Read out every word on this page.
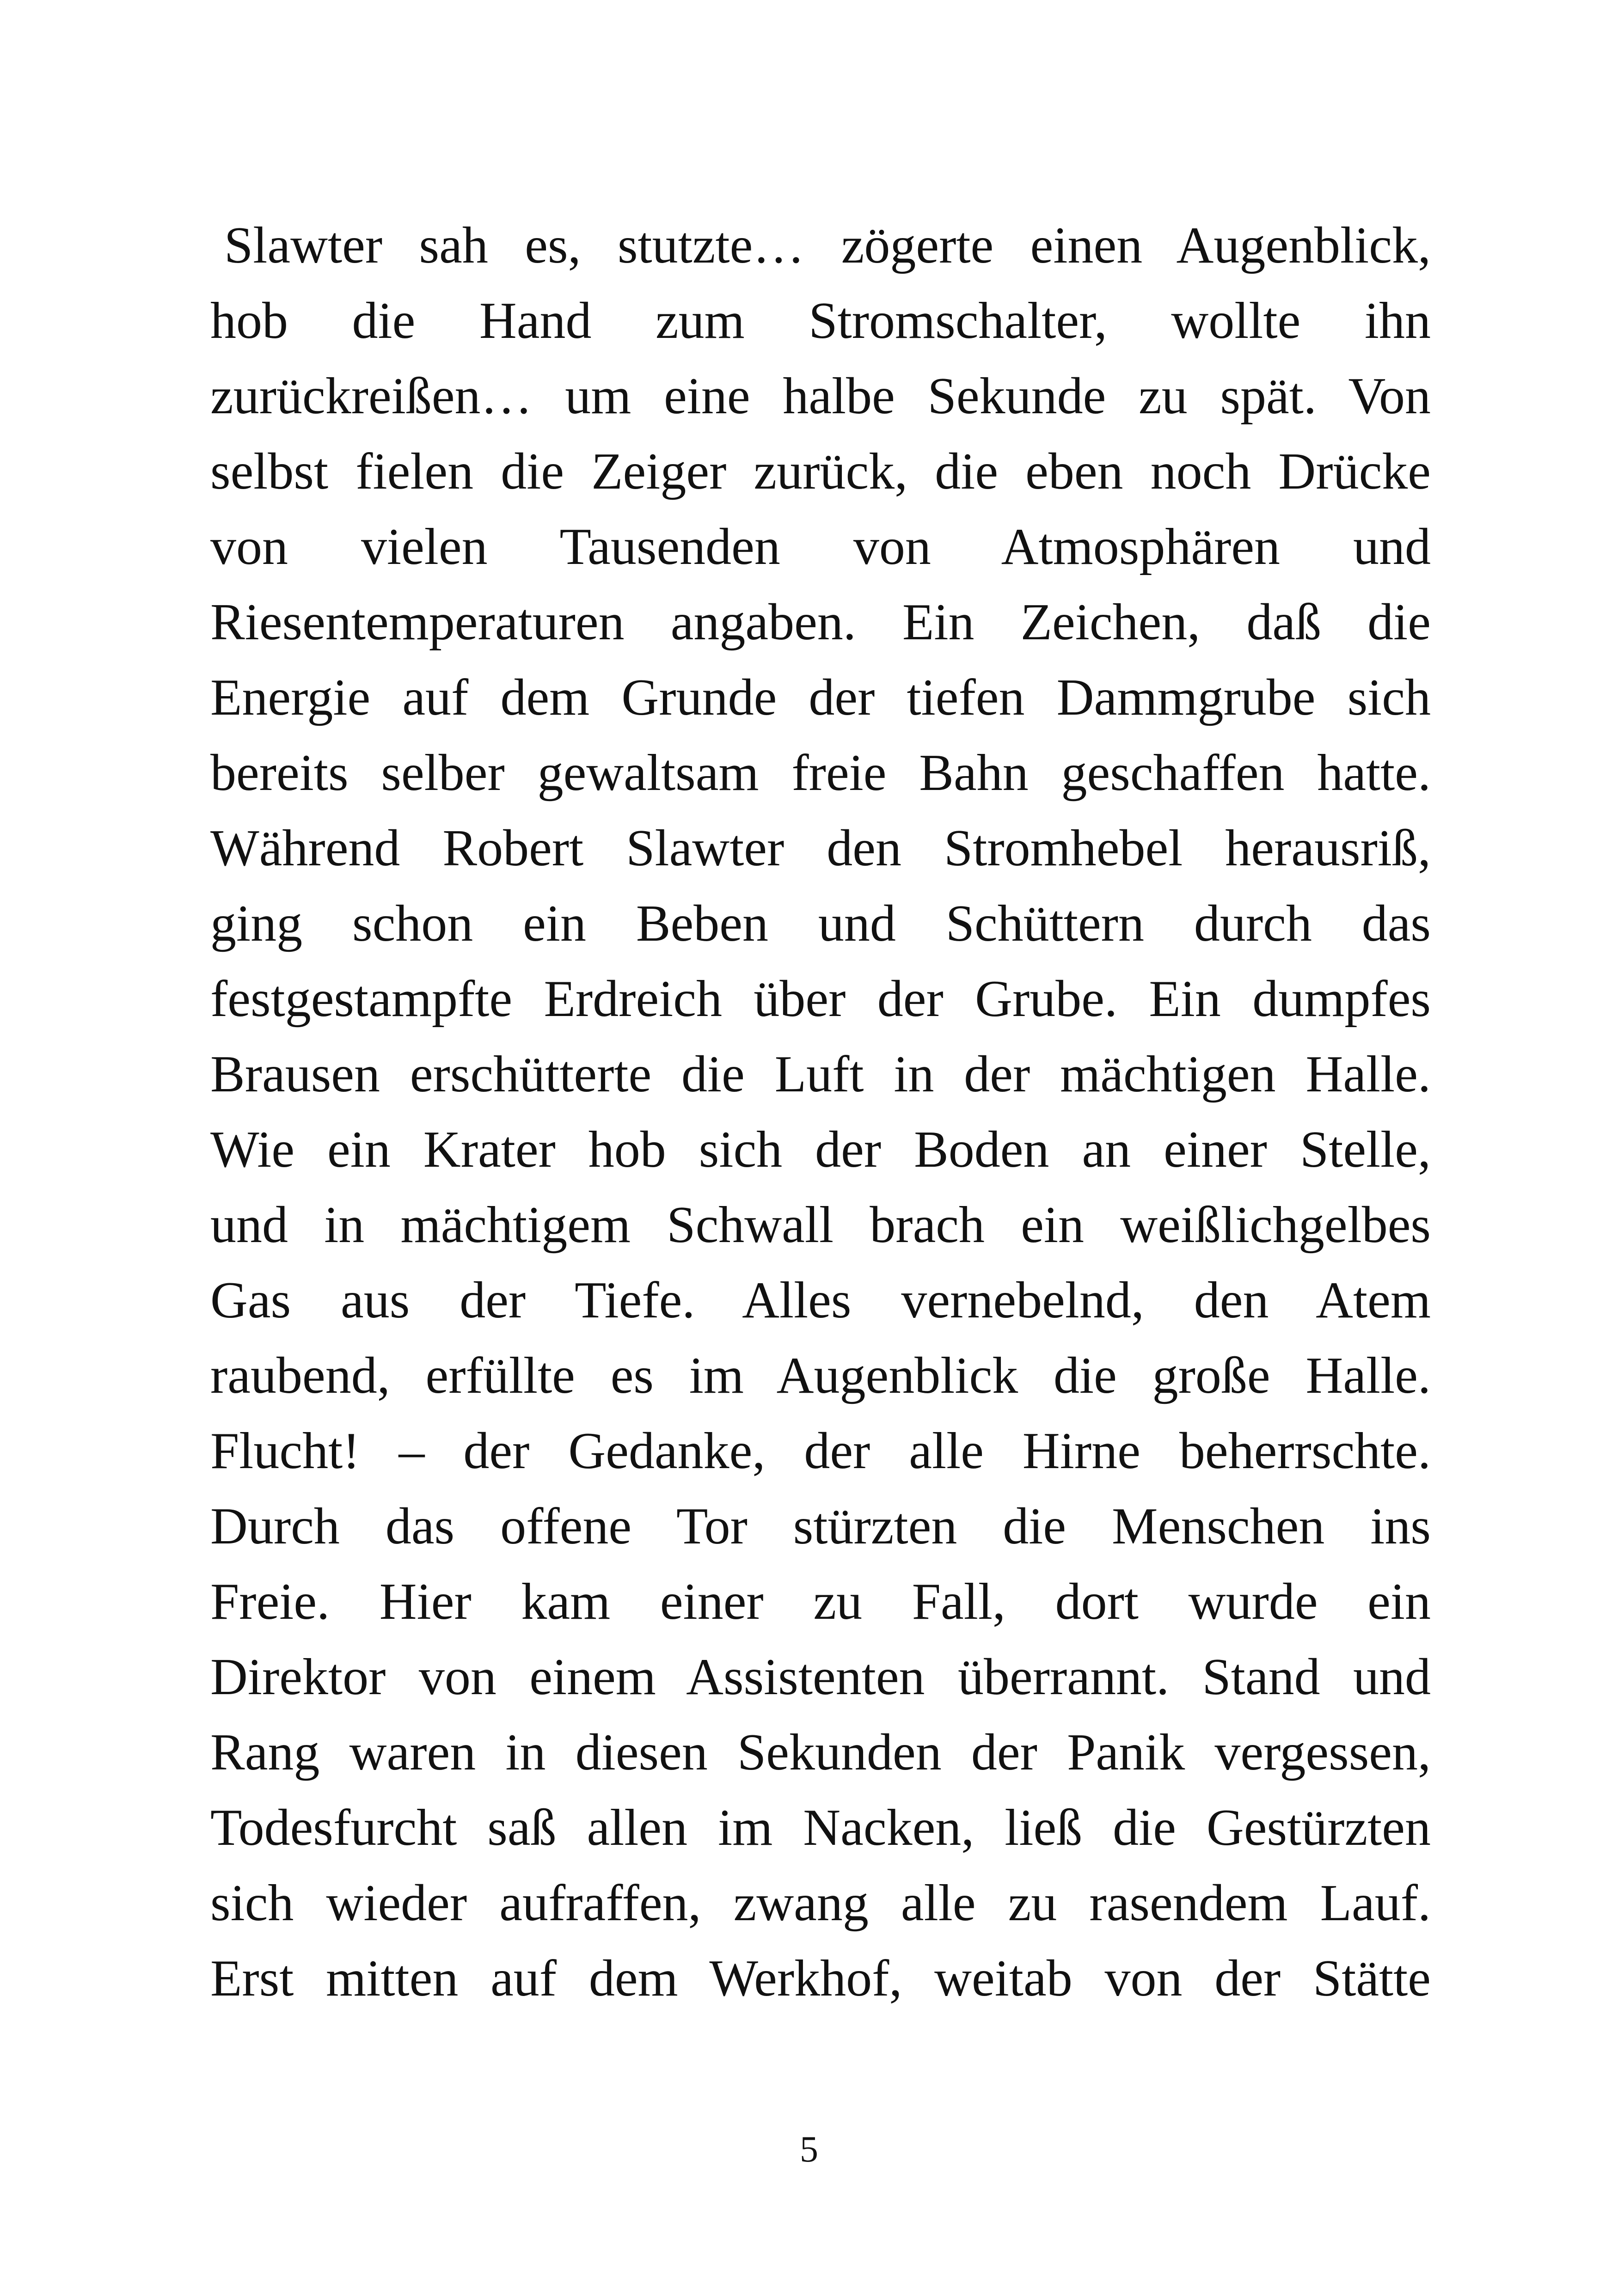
Slawter sah es, stutzte… zögerte einen Augenblick,
hob die Hand zum Stromschalter, wollte ihn
zurückreißen… um eine halbe Sekunde zu spät. Von
selbst fielen die Zeiger zurück, die eben noch Drücke
von vielen Tausenden von Atmosphären und
Riesentemperaturen angaben. Ein Zeichen, daß die
Energie auf dem Grunde der tiefen Dammgrube sich
bereits selber gewaltsam freie Bahn geschaffen hatte.
Während Robert Slawter den Stromhebel herausriß,
ging schon ein Beben und Schüttern durch das
festgestampfte Erdreich über der Grube. Ein dumpfes
Brausen erschütterte die Luft in der mächtigen Halle.
Wie ein Krater hob sich der Boden an einer Stelle,
und in mächtigem Schwall brach ein weißlichgelbes
Gas aus der Tiefe. Alles vernebelnd, den Atem
raubend, erfüllte es im Augenblick die große Halle.
Flucht! – der Gedanke, der alle Hirne beherrschte.
Durch das offene Tor stürzten die Menschen ins
Freie. Hier kam einer zu Fall, dort wurde ein
Direktor von einem Assistenten überrannt. Stand und
Rang waren in diesen Sekunden der Panik vergessen,
Todesfurcht saß allen im Nacken, ließ die Gestürzten
sich wieder aufraffen, zwang alle zu rasendem Lauf.
Erst mitten auf dem Werkhof, weitab von der Stätte
5
